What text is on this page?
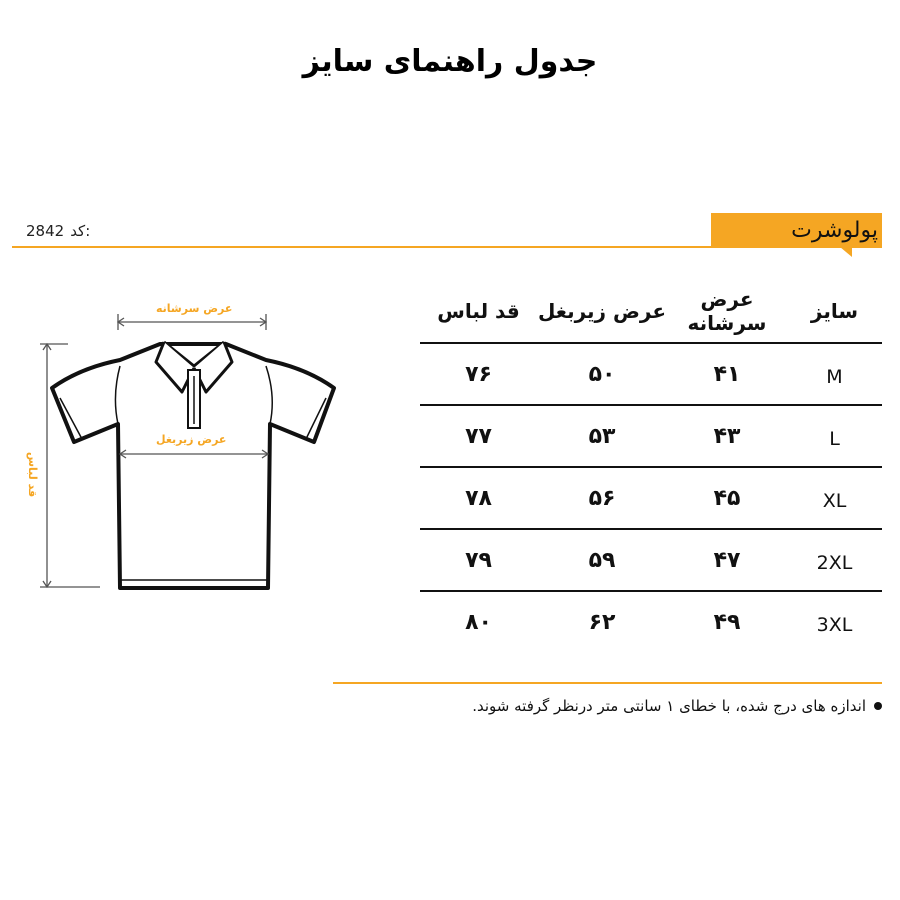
جدول راهنمای سایز
پولوشرت
2842 کد:
عرض سرشانه
عرض زیربغل
قد لباس
سایز
عرض سرشانه
عرض زیربغل
قد لباس
M
۴۱
۵۰
۷۶
L
۴۳
۵۳
۷۷
XL
۴۵
۵۶
۷۸
2XL
۴۷
۵۹
۷۹
3XL
۴۹
۶۲
۸۰
اندازه های درج شده، با خطای ۱ سانتی متر درنظر گرفته شوند.
